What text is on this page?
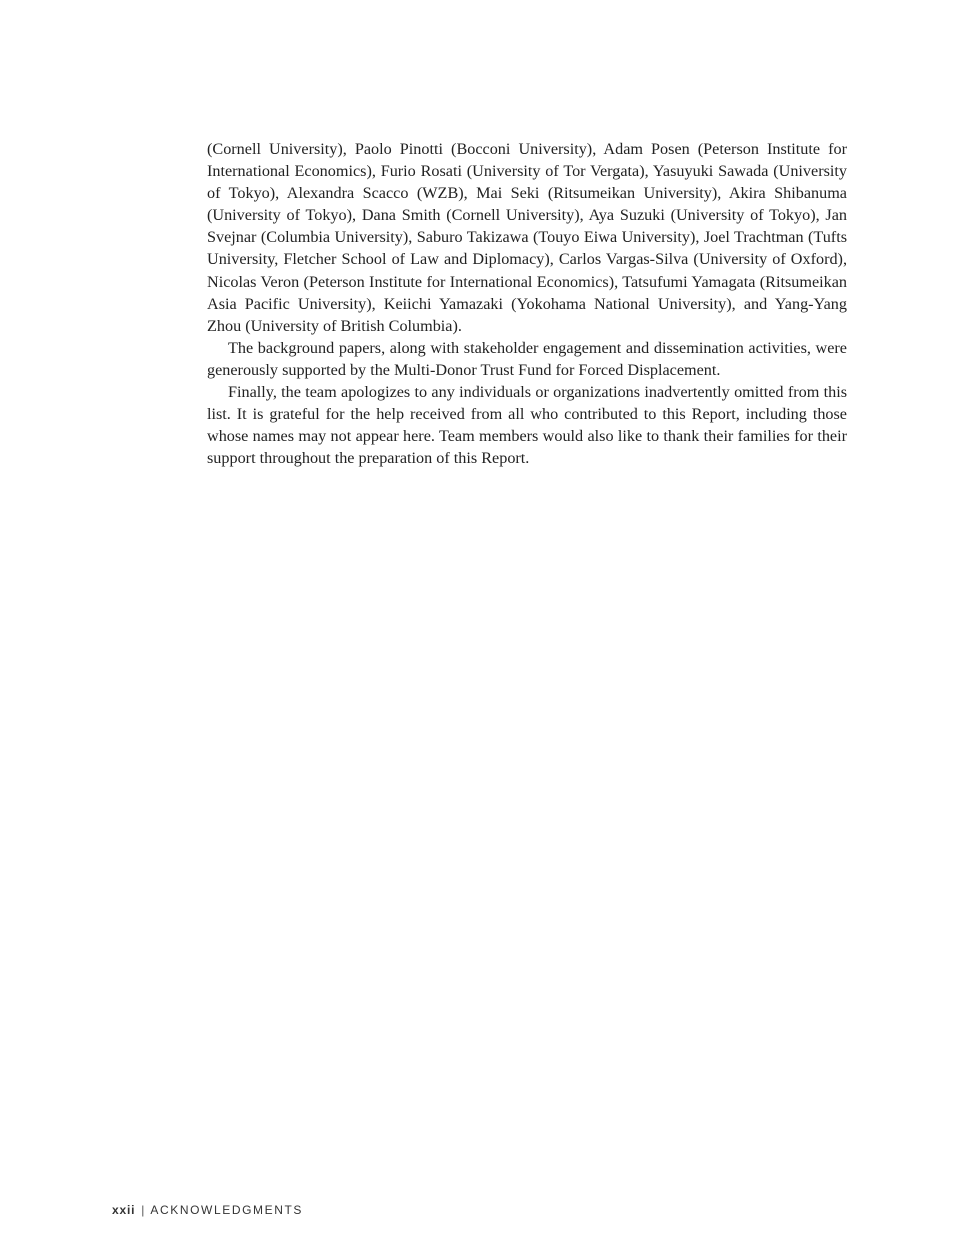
(Cornell University), Paolo Pinotti (Bocconi University), Adam Posen (Peterson Institute for International Economics), Furio Rosati (University of Tor Vergata), Yasuyuki Sawada (University of Tokyo), Alexandra Scacco (WZB), Mai Seki (Ritsumeikan University), Akira Shibanuma (University of Tokyo), Dana Smith (Cornell University), Aya Suzuki (University of Tokyo), Jan Svejnar (Columbia University), Saburo Takizawa (Touyo Eiwa University), Joel Trachtman (Tufts University, Fletcher School of Law and Diplomacy), Carlos Vargas-Silva (University of Oxford), Nicolas Veron (Peterson Institute for International Economics), Tatsufumi Yamagata (Ritsumeikan Asia Pacific University), Keiichi Yamazaki (Yokohama National University), and Yang-Yang Zhou (University of British Columbia).

The background papers, along with stakeholder engagement and dissemination activities, were generously supported by the Multi-Donor Trust Fund for Forced Displacement.

Finally, the team apologizes to any individuals or organizations inadvertently omitted from this list. It is grateful for the help received from all who contributed to this Report, including those whose names may not appear here. Team members would also like to thank their families for their support throughout the preparation of this Report.

xxii | ACKNOWLEDGMENTS
